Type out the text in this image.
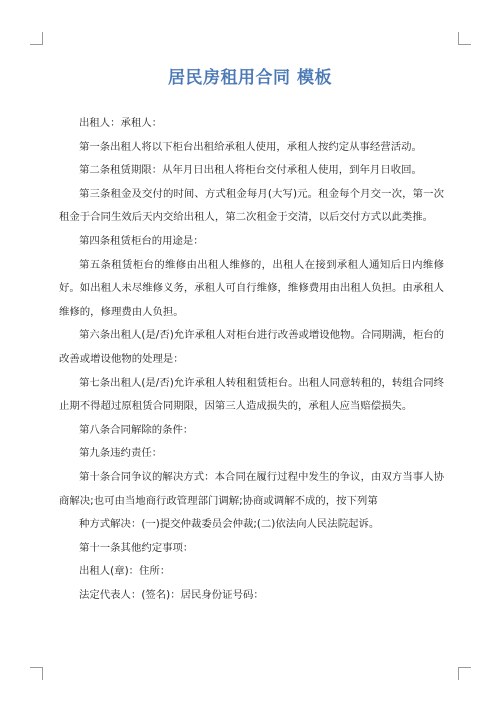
居民房租用合同 模板

出租人：承租人：

第一条出租人将以下柜台出租给承租人使用，承租人按约定从事经营活动。

第二条租赁期限：从年月日出租人将柜台交付承租人使用，到年月日收回。

第三条租金及交付的时间、方式租金每月(大写)元。租金每个月交一次，第一次租金于合同生效后天内交给出租人，第二次租金于交清，以后交付方式以此类推。

第四条租赁柜台的用途是：

第五条租赁柜台的维修由出租人维修的，出租人在接到承租人通知后日内维修好。如出租人未尽维修义务，承租人可自行维修，维修费用由出租人负担。由承租人维修的，修理费由人负担。

第六条出租人(是/否)允许承租人对柜台进行改善或增设他物。合同期满，柜台的改善或增设他物的处理是：

第七条出租人(是/否)允许承租人转租租赁柜台。出租人同意转租的，转组合同终止期不得超过原租赁合同期限，因第三人造成损失的，承租人应当赔偿损失。

第八条合同解除的条件：

第九条违约责任：

第十条合同争议的解决方式：本合同在履行过程中发生的争议，由双方当事人协商解决;也可由当地商行政管理部门调解;协商或调解不成的，按下列第

种方式解决：(一)提交仲裁委员会仲裁;(二)依法向人民法院起诉。

第十一条其他约定事项：

出租人(章)：住所：

法定代表人：(签名)：居民身份证号码：
